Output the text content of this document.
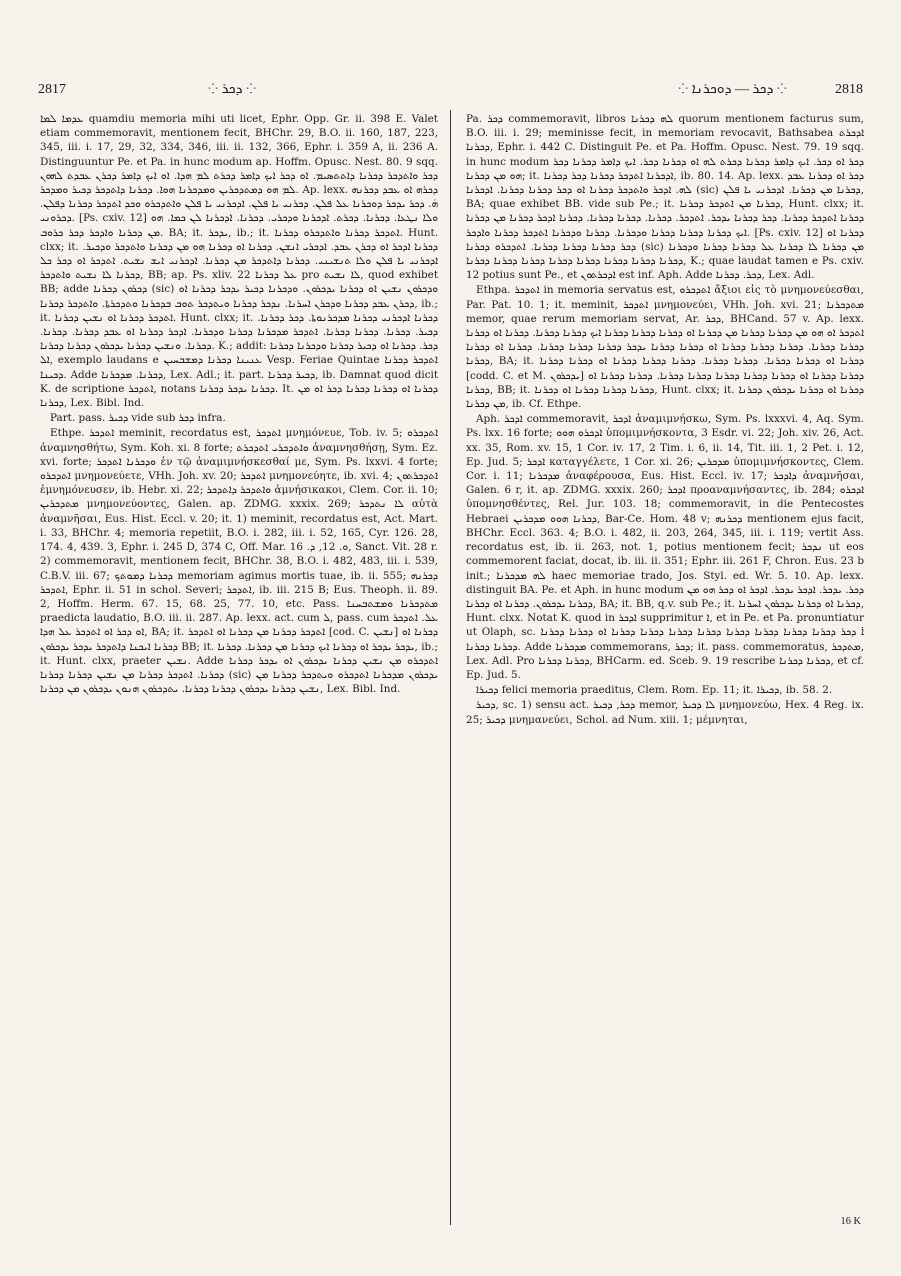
2817	⁘ ܕܟܪ ⁘	⁘ ܕܟܪ — ܕܘܟܪܢܐ ⁘	2818

ܥܕܡܐ ܠܡܐ quamdiu memoria mihi uti licet, Ephr. Opp. Gr. ii. 398 E. Valet etiam commemoravit, mentionem fecit, BHChr. 29, B.O. ii. 160, 187, 223, 345, iii. i. 17, 29, 32, 334, 346, iii. ii. 132, 366, Ephr. i. 359 A, ii. 236 A. Distinguuntur Pe. et Pa. in hunc modum ap. Hoffm. Opusc. Nest. 80. 9 sqq. ܕܟܪ ܘܐܬܕܟܪ ܕܟܪܢܐ ܕܐܬܬܣܝܡ. ܐܘ ܕܟܪ ܐܝܟ ܕܐܡܪ ܕܟܪܬ ܠܡ ܗܕܐ. ܐܘ ܐܝܟ ܕܐܡܪ ܕܟܪܢ ܥܒܕܬ ܠܗܘܢ ܠܡ ܗܘ ܕܡܬܕܟܪܝܢ ܘܡܕܟܪܢܐ ܗܘܐ. ܕܟܪܢܐ ܕܐܬܕܟܪ ܕܟܝܪ ܘܡܕܟܪ. Ap. lexx. ܕܟܪܗ ܐܘ ܥܒܕ ܕܟܪܢܗ ܗ̇. ܕܟܪ ܝܕܟܪ ܕܘܟܪܢܐ ܥܠ ܦܠܢ. ܕܟܪܢܝ ܝܐ ܦܠܢ. ܐܕܟܪܢܝ ܝܐ ܦܠܢ ܘܐܬܕܟܪܘ ܘܟܕ ܐܬܕܟܪ ܕܟܪܢܐ ܕܦܠܢ. ܕܟܪܘܢܝ. [Ps. cxiv. 12] ܘܠܐ ܢܛܥܐ. ܕܟܪܢܐ. ܕܟܪܬ. ܐܕܟܪܢܐ ܘܕܟܪܝ. ܕܟܪܢܐ. ܐܕܟܪܢܐ ܠܢ ܟܡܐ. ܗܘ ܡܢ ܕܟܪܢܐ ܘܐܕܟܪ ܕܟܪ ܟܪܘܒ. BA; it. ܝܕܟܪ, ib.; it. ܐܬܕܟܪ ܕܟܪܢܐ ܘܐܬܕܟܪܘ ܕܟܪܢܐ. Hunt. clxx; it. ܕܟܪܢܐ ܐܕܟܪ ܐܘ ܕܟܪܢ ܥܒܕ. ܐܕܟܪܝ ܐܢܫܢ. ܕܟܪܢܐ ܐܘ ܕܟܪܢܐ ܗܘ ܡܢ ܕܟܪܢܐ ܘܐܬܕܟܪ ܘܕܟܝܪ. ܐܕܟܪܢܝ ܝܐ ܦܠܢ ܘܠܐ ܬܢܫܝܢܝ. ܕܟܪܢܐ ܕܐܬܕܟܪ ܡܢ ܕܟܪܢܐ. ܐܕܟܪܢܝ ܐܝܫ ܢܫܝܬ. ܐܬܕܟܪ ܐܘ ܕܟܪ ܟܠ ܕܟܪܢܐ ܠܐ ܢܫܝܬ ܘܐܬܕܟܪ, BB; ap. Ps. xliv. 22 ܥܠ ܕܟܪܢܐ pro ܠܐ ܢܫܝܬ, quod exhibet BB; adde ܕܟܪܘܢ ܕܟܪܢܐ (sic) ܘܕܟܪܘܢ ܢܫܝܢ ܐܘ ܕܟܪܢܐ ܝܕܟܪܘܢ. ܘܕܟܪܢܐ ܕܟܝܪ ܝܕܟܪ ܕܟܪܢܐ ܐܘ ܕܟܪܢ ܥܒܕ ܕܟܪܢܐ ܘܕܟܪܢ ܐܚܪܢܐ. ܢܕܟܪ ܕܟܪܢܐ ܘܝܬܕܟܪ ܬܘܒ ܒܕܟܪܢܐ ܘܬܕܟܪܬܐ. ܘܐܬܕܟܪ ܕܟܪܢܐ, ib.; it. ܐܬܕܟܪ ܕܟܪܢܐ ܐܘ ܢܫܝܢ ܕܟܪܢܐ. Hunt. clxx; it. ܕܟܪܢܐ ܐܕܟܪܢܝ ܕܟܪܢܐ ܡܕܟܪܢܘܬܐ. ܕܟܪ ܕܟܪܢܐ. ܕܟܝܪ. ܕܟܪܢܐ. ܕܟܪܢܐ ܕܟܪܢܐ. ܐܬܕܟܪ ܡܕܟܪܢܐ ܕܟܪܢܐ ܘܕܟܪܢܐ. ܐܕܟܪ ܕܟܪܢܐ ܐܘ ܥܒܕ ܕܟܪܢܐ. ܕܟܪܢܐ. ܕܟܪܢܐ. ܘܢܫܝܢ ܕܟܪܢܐ ܝܕܟܪܘܢ ܕܟܪܢܐ ܕܟܪܢܐ. K.; addit: ܕܟܪ. ܕܟܪܢܐ ܐܘ ܕܟܝܪ ܕܟܪܢܐ ܘܕܟܪܢܐ ܕܟܪܢܐ ܐܠ, exemplo laudans e ܥܢܝܢܐ ܕܟܪܢܐ ܕܡܫܒܚܝܢ Vesp. Feriae Quintae ܐܬܕܟܪ ܕܟܪܢܐ ܕܟܝܢܐ. Adde ܕܟܪܢܐ. ܡܕܟܪܢܐ, Lex. Adl.; it. part. ܕܟܝܪ ܕܟܪܢܐ, ib. Damnat quod dicit K. de scriptione ܐܬܕܟܪ, notans ܕܟܪܢܐ ܝܕܟܪ ܕܟܪܢܐ. It. ܕܟܪܢܐ ܐܘ ܕܟܪܢܐ ܕܟܪܢܐ ܕܟܪ ܐܘ ܡܢ ܕܟܪܢܐ, Lex. Bibl. Ind.

Part. pass. ܕܟܝܪ vide sub ܕܟܪ infra.

Ethpe. ܐܬܕܟܪ meminit, recordatus est, ܐܬܕܟܪ μνημόνευε, Tob. iv. 5; ܐܬܕܟܪܘ ἀναμνησθήτω, Sym. Koh. xi. 8 forte; ܘܐܬܕܟܪܝ ܐܬܕܟܪܬ ἀναμνησθήσῃ, Sym. Ez. xvi. forte; ܘܕܟܪܢܐ ܐܬܕܟܪ ἐν τῷ ἀναμιμνήσκεσθαί με, Sym. Ps. lxxvi. 4 forte; ܐܬܕܟܪܘ μνημονεύετε, VHh. Joh. xv. 20; ܐܬܕܟܪ μνημονεύητε, ib. xvi. 4; ܐܬܕܟܪܬܘܢ ἐμνημόνευσεν, ib. Hebr. xi. 22; ܘܐܬܕܟܪ ܕܐܬܕܟܪ ἀμνήσικακοι, Clem. Cor. ii. 10; ܡܬܕܟܪܝܢ μνημονεύοντες, Galen. ap. ZDMG. xxxix. 269; ܠܐ ܢܬܕܟܪ αὐτὰ ἀναμνῆσαι, Eus. Hist. Eccl. v. 20; it. 1) meminit, recordatus est, Act. Mart. i. 33, BHChr. 4; memoria repetiit, B.O. i. 282, iii. i. 52, 165, Cyr. 126. 28, 174. 4, 439. 3, Ephr. i. 245 D, 374 C, Off. Mar. ܘ. 12, ܕ. 16, Sanct. Vit. 28 r. 2) commemoravit, mentionem fecit, BHChr. 38, B.O. i. 482, 483, iii. i. 539, C.B.V. iii. 67; ܕܟܪܢܐ ܕܡܘܬܟ memoriam agimus mortis tuae, ib. ii. 555; ܕܟܪܢܗ ܐܬܕܟܪ, Ephr. ii. 51 in schol. Severi; ܐܬܕܟܪ, ib. iii. 215 B; Eus. Theoph. ii. 89. 2, Hoffm. Herm. 67. 15, 68. 25, 77. 10, etc. Pass. ܡܬܕܟܪܢܐ ܘܡܫܬܒܚܢܐ praedicta laudatio, B.O. iii. ii. 287. Ap. lexx. act. cum ܠ, pass. cum ܥܠ. ܐܬܕܟܪ ܐܘ ܕܟܪ ܐܘ ܐܬܕܟܪ ܥܠ ܗܕܐ, BA; it. ܐܬܕܟܪ ܕܟܪܢܐ ܡܢ ܕܟܪܢܐ ܐܘ ܐܬܕܟܪ [cod. C. ܢܫܝܢ] ܕܟܪܢܐ ܐܘ ܕܟܪܢܐ ܐܝܟܢܐ ܕܐܬܕܟܪ ܝܕܟܪ ܝܕܟܪܘܢ BB; it. ܝܕܟܪ ܝܕܟܪ ܐܘ ܕܟܪܢܐ ܐܝܟ ܕܟܪܢܐ ܡܢ ܕܟܪܢܐ. ܕܟܪܢܐ, ib.; it. Hunt. clxx, praeter ܢܫܝܢ. Adde ܐܬܕܟܪܘ ܡܢ ܢܫܝܢ ܕܟܪܢܐ ܝܕܟܪܘܢ ܐܘ ܝܕܟܪ ܕܟܪܢܐ ܕܟܪܢܐ. ܐܬܕܟܪ ܕܟܪܢܐ ܡܢ ܢܫܝܢ ܕܟܪܢܐ ܕܟܪܢܐ (sic) ܝܕܟܪܘܢ ܡܕܟܪܢܐ ܐܬܕܟܪܘ ܘܝܬܕܟܪ ܕܟܪܢܐ ܡܢ ܢܫܝܢ ܕܟܪܢܐ ܝܕܟܪܘܢ ܕܟܪܢܐ ܕܟܪܢܐ. ܝܬܕܟܪܘܢ ܗܢܘܢ ܝܕܟܪܘܢ ܡܢ ܕܟܪܢܐ, Lex. Bibl. Ind.

Pa. ܕܟܪ commemoravit, libros ܠܗ ܕܟܪܢܐ quorum mentionem facturus sum, B.O. iii. i. 29; meminisse fecit, in memoriam revocavit, Bathsabea ܐܕܟܪܬ ܕܟܪܢܐ, Ephr. i. 442 C. Distinguit Pe. et Pa. Hoffm. Opusc. Nest. 79. 19 sqq. in hunc modum ܕܟܪ ܐܘ ܕܟܪ. ܐܝܟ ܕܐܡܪ ܕܟܪܢܐ ܕܟܪܬ ܠܗ ܐܘ ܕܟܪܢܐ ܕܟܪ. ܐܝܟ ܕܐܡܪ ܕܟܪܢܐ ܕܟܪ ܗܘ ܡܢ ܕܟܪܢܐ; it. ܐܕܟܪܢܐ ܐܬܕܟܪ ܕܟܪܢܐ ܕܟܪ ܕܟܪܢܐ, ib. 80. 14. Ap. lexx. ܕܟܪ ܐܘ ܕܟܪܢܐ ܥܒܕ ܠܗ. ܐܕܟܪ ܘܐܬܕܟܪ ܕܟܪܢܐ ܐܘ ܕܟܪ ܕܟܪܢܐ ܕܟܪܢܐ. ܐܕܟܪܢܐ (sic) ܕܟܪܢܐ ܡܢ ܕܟܪܢܐ. ܐܕܟܪܢܝ ܝܐ ܦܠܢ, BA; quae exhibet BB. vide sub Pe.; it. ܕܟܪܢܐ ܡܢ ܐܬܕܟܪ ܕܟܪܢܐ, Hunt. clxx; it. ܕܟܪܢܐ ܐܬܕܟܪ ܕܟܪܢܐ. ܕܟܪ ܕܟܪܢܐ ܝܕܟܪ. ܐܬܕܟܪ. ܕܟܪܢܐ. ܕܟܪܢܐ ܕܟܪܢܐ. ܕܟܪܢܐ ܐܕܟܪ ܕܟܪܢܐ ܡܢ ܕܟܪܢܐ ܐܝܟ ܕܟܪܢܐ ܕܟܪܢܐ ܕܟܪܢܐ ܘܕܟܪܢܐ. ܕܟܪܢܐ ܘܕܟܪܢܐ ܐܬܕܟܪ ܕܟܪܢܐ ܘܐܕܟܪ. [Ps. cxiv. 12] ܕܟܪܢܐ ܐܘ ܕܟܪ ܕܟܪܢܐ ܕܟܪܢܐ ܕܟܪܢܐ. ܐܬܕܟܪܘ ܕܟܪܢܐ (sic) ܡܢ ܕܟܪܢܐ ܠܐ ܕܟܪܢܐ ܥܠ ܕܟܪܢܐ ܕܟܪܢܐ ܘܕܟܪܢܐ ܕܟܪܢܐ ܕܟܪܢܐ ܕܟܪܢܐ ܕܟܪܢܐ ܕܟܪܢܐ ܕܟܪܢܐ ܕܟܪܢܐ ܕܟܪܢܐ, K.; quae laudat tamen e Ps. cxiv. 12 potius sunt Pe., et ܐܕܟܪܬܘܢ est inf. Aph. Adde ܕܟܪ. ܕܟܪܢܐ, Lex. Adl.

Ethpa. ܐܬܕܟܪ in memoria servatus est, ܐܬܕܟܪܘ ἄξιοι εἰς τὸ μνημονεύεσθαι, Par. Pat. 10. 1; it. meminit, ܐܬܕܟܪ μνημονεύει, VHh. Joh. xvi. 21; ܡܬܕܟܪܢܐ memor, quae rerum memoriam servat, Ar. ܕܟܪ, BHCand. 57 v. Ap. lexx. ܐܬܕܟܪ ܐܘ ܗܘ ܡܢ ܕܟܪܢܐ ܕܟܪܢܐ ܡܢ ܕܟܪܢܐ ܐܘ ܕܟܪܢܐ ܕܟܪܢܐ ܕܟܪܢܐ ܐܝܟ ܕܟܪܢܐ ܕܟܪܢܐ. ܕܟܪܢܐ ܐܘ ܕܟܪܢܐ ܕܟܪܢܐ ܕܟܪܢܐ. ܕܟܪܢܐ ܕܟܪܢܐ ܕܟܪܢܐ ܐܘ ܕܟܪܢܐ ܕܟܪܢܐ ܝܕܟܪ ܕܟܪܢܐ ܕܟܪܢܐ ܕܟܪܢܐ. ܕܟܪܢܐ ܐܘ ܕܟܪܢܐ ܕܟܪܢܐ, BA; it. ܕܟܪܢܐ ܐܘ ܕܟܪܢܐ ܕܟܪܢܐ. ܕܟܪܢܐ ܕܟܪܢܐ. ܕܟܪܢܐ ܕܟܪܢܐ ܕܟܪܢܐ ܐܘ ܕܟܪܢܐ ܕܟܪܢܐ [codd. C. et M. ܝܕܟܪܘܢ] ܕܟܪܢܐ ܕܟܪܢܐ ܐܘ ܕܟܪܢܐ ܕܟܪܢܐ ܕܟܪܢܐ ܕܟܪܢܐ ܕܟܪܢܐ. ܕܟܪܢܐ ܕܟܪܢܐ ܐܘ ܕܟܪܢܐ, BB; it. ܕܟܪܢܐ ܕܟܪܢܐ ܕܟܪܢܐ ܐܘ ܕܟܪܢܐ, Hunt. clxx; it. ܕܟܪܢܐ ܐܘ ܕܟܪܢܐ ܝܕܟܪܘܢ ܕܟܪܢܐ ܡܢ ܕܟܪܢܐ, ib. Cf. Ethpe.

Aph. ܐܕܟܪ commemoravit, ܐܕܟܪ ἀναμιμνήσκω, Sym. Ps. lxxxvi. 4, Aq. Sym. Ps. lxx. 16 forte; ܐܕܟܪܘ ܗܘܘ ὑπομιμνήσκοντα, 3 Esdr. vi. 22; Joh. xiv. 26, Act. xx. 35, Rom. xv. 15, 1 Cor. iv. 17, 2 Tim. i. 6, ii. 14, Tit. iii. 1, 2 Pet. i. 12, Ep. Jud. 5; ܐܕܟܪ καταγγέλετε, 1 Cor. xi. 26; ܡܕܟܪܝܢ ὑπομιμνήσκοντες, Clem. Cor. i. 11; ܡܕܟܪܢܐ ἀναφέρουσα, Eus. Hist. Eccl. iv. 17; ܕܐܕܟܪ ἀναμνῆσαι, Galen. 6 r, it. ap. ZDMG. xxxix. 260; ܐܕܟܪ προαναμνήσαντες, ib. 284; ܐܕܟܪܘ ὑπομνησθέντες, Rel. Jur. 103. 18; commemoravit, in die Pentecostes Hebraei ܕܟܪܢܐ ܗܘܘ ܡܕܟܪܝܢ, Bar-Ce. Hom. 48 v; ܕܟܪܢܗ mentionem ejus facit, BHChr. Eccl. 363. 4; B.O. i. 482, ii. 203, 264, 345, iii. i. 119; vertit Ass. recordatus est, ib. ii. 263, not. 1, potius mentionem fecit; ܢܕܟܪ ut eos commemorent faciat, docat, ib. iii. ii. 351; Ephr. iii. 261 F, Chron. Eus. 23 b init.; ܠܗ ܡܕܟܪܢܐ haec memoriae trado, Jos. Styl. ed. Wr. 5. 10. Ap. lexx. distinguit BA. Pe. et Aph. in hunc modum ܕܟܪ. ܝܕܟܪ. ܐܕܟܪ ܝܕܟܪ. ܐܕܟܪ ܐܘ ܕܟܪ ܗܘ ܡܢ ܕܟܪܢܐ ܝܕܟܪܘܢ. ܕܟܪܢܐ ܐܘ ܕܟܪܢܐ, BA; it. BB, q.v. sub Pe.; it. ܕܟܪܢܐ ܐܘ ܕܟܪܢܐ ܝܕܟܪܘܢ ܐܚܪܢܐ, Hunt. clxx. Notat K. quod in ܐܕܟܪ supprimitur ܐ, et in Pe. et Pa. pronuntiatur ut Olaph, sc. ܐ̇ ܕܟܪ ܕܟܪܢܐ ܕܟܪܢܐ ܕܟܪܢܐ ܕܟܪܢܐ ܕܟܪܢܐ ܕܟܪܢܐ ܕܟܪܢܐ ܕܟܪܢܐ ܐܘ ܕܟܪܢܐ ܕܟܪܢܐ ܕܟܪܢܐ ܕܟܪܢܐ. Adde ܡܕܟܪܢܐ commemorans, ܕܟܪ; it. pass. commemoratus, ܡܬܕܟܪ, Lex. Adl. Pro ܕܟܪܢܐ ܕܟܪܢܐ, BHCarm. ed. Sceb. 9. 19 rescribe ܕܟܪܢܐ ܕܟܪܢܐ, et cf. Ep. Jud. 5.

ܕܟܝܪܐ felici memoria praeditus, Clem. Rom. Ep. 11; it. ܕܟܝܪܐ, ib. 58. 2.

ܕܟܝܪ, sc. 1) sensu act. ܕܟܪ, ܕܟܝܪ memor, ܠܐ ܕܟܝܪ μνημονεύω, Hex. 4 Reg. ix. 25; ܕܟܝܪ μνημανεύει, Schol. ad Num. xiii. 1; μέμνηται,

16 K
